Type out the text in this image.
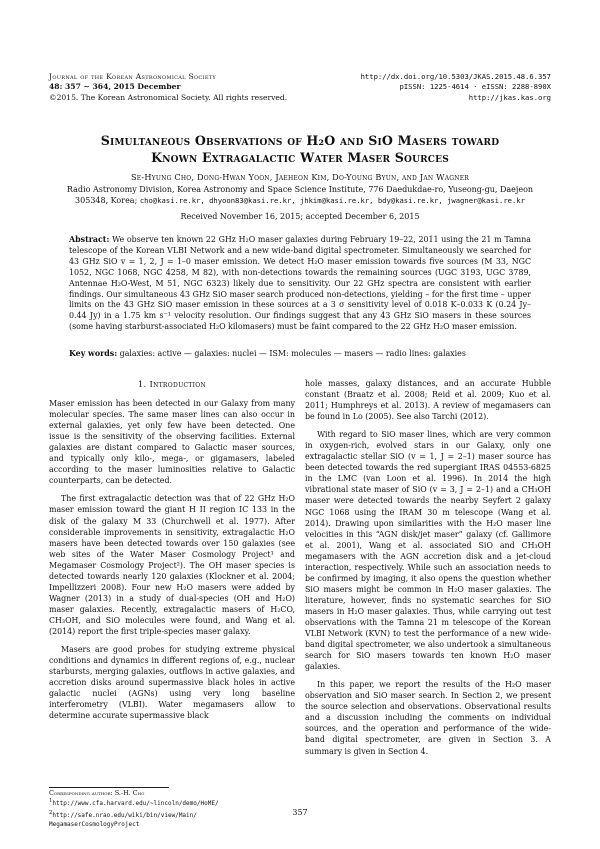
Journal of the Korean Astronomical Society
48: 357 ∼ 364, 2015 December
©2015. The Korean Astronomical Society. All rights reserved.
http://dx.doi.org/10.5303/JKAS.2015.48.6.357
pISSN: 1225-4614 · eISSN: 2288-890X
http://jkas.kas.org
Simultaneous Observations of H₂O and SiO Masers toward
Known Extragalactic Water Maser Sources
Se-Hyung Cho, Dong-Hwan Yoon, Jaeheon Kim, Do-Young Byun, and Jan Wagner
Radio Astronomy Division, Korea Astronomy and Space Science Institute, 776 Daedukdae-ro, Yuseong-gu, Daejeon
305348, Korea; cho@kasi.re.kr, dhyoon83@kasi.re.kr, jhkim@kasi.re.kr, bdy@kasi.re.kr, jwagner@kasi.re.kr
Received November 16, 2015; accepted December 6, 2015
Abstract: We observe ten known 22 GHz H₂O maser galaxies during February 19–22, 2011 using the 21 m Tamna telescope of the Korean VLBI Network and a new wide-band digital spectrometer. Simultaneously we searched for 43 GHz SiO v = 1, 2, J = 1–0 maser emission. We detect H₂O maser emission towards five sources (M 33, NGC 1052, NGC 1068, NGC 4258, M 82), with non-detections towards the remaining sources (UGC 3193, UGC 3789, Antennae H₂O-West, M 51, NGC 6323) likely due to sensitivity. Our 22 GHz spectra are consistent with earlier findings. Our simultaneous 43 GHz SiO maser search produced non-detections, yielding – for the first time – upper limits on the 43 GHz SiO maser emission in these sources at a 3 σ sensitivity level of 0.018 K–0.033 K (0.24 Jy–0.44 Jy) in a 1.75 km s⁻¹ velocity resolution. Our findings suggest that any 43 GHz SiO masers in these sources (some having starburst-associated H₂O kilomasers) must be faint compared to the 22 GHz H₂O maser emission.
Key words: galaxies: active — galaxies: nuclei — ISM: molecules — masers — radio lines: galaxies
1. Introduction

Maser emission has been detected in our Galaxy from many molecular species. The same maser lines can also occur in external galaxies, yet only few have been detected. One issue is the sensitivity of the observing facilities. External galaxies are distant compared to Galactic maser sources, and typically only kilo-, mega-, or gigamasers, labeled according to the maser luminosities relative to Galactic counterparts, can be detected.

The first extragalactic detection was that of 22 GHz H₂O maser emission toward the giant H II region IC 133 in the disk of the galaxy M 33 (Churchwell et al. 1977). After considerable improvements in sensitivity, extragalactic H₂O masers have been detected towards over 150 galaxies (see web sites of the Water Maser Cosmology Project¹ and Megamaser Cosmology Project²). The OH maser species is detected towards nearly 120 galaxies (Klockner et al. 2004; Impellizzeri 2008). Four new H₂O masers were added by Wagner (2013) in a study of dual-species (OH and H₂O) maser galaxies. Recently, extragalactic masers of H₂CO, CH₃OH, and SiO molecules were found, and Wang et al. (2014) report the first triple-species maser galaxy.

Masers are good probes for studying extreme physical conditions and dynamics in different regions of, e.g., nuclear starbursts, merging galaxies, outflows in active galaxies, and accretion disks around supermassive black holes in active galactic nuclei (AGNs) using very long baseline interferometry (VLBI). Water megamasers allow to determine accurate supermassive black

hole masses, galaxy distances, and an accurate Hubble constant (Braatz et al. 2008; Reid et al. 2009; Kuo et al. 2011; Humphreys et al. 2013). A review of megamasers can be found in Lo (2005). See also Tarchi (2012).

With regard to SiO maser lines, which are very common in oxygen-rich, evolved stars in our Galaxy, only one extragalactic stellar SiO (v = 1, J = 2–1) maser source has been detected towards the red supergiant IRAS 04553-6825 in the LMC (van Loon et al. 1996). In 2014 the high vibrational state maser of SiO (v = 3, J = 2–1) and a CH₃OH maser were detected towards the nearby Seyfert 2 galaxy NGC 1068 using the IRAM 30 m telescope (Wang et al. 2014). Drawing upon similarities with the H₂O maser line velocities in this “AGN disk/jet maser” galaxy (cf. Gallimore et al. 2001), Wang et al. associated SiO and CH₃OH megamasers with the AGN accretion disk and a jet-cloud interaction, respectively. While such an association needs to be confirmed by imaging, it also opens the question whether SiO masers might be common in H₂O maser galaxies. The literature, however, finds no systematic searches for SiO masers in H₂O maser galaxies. Thus, while carrying out test observations with the Tamna 21 m telescope of the Korean VLBI Network (KVN) to test the performance of a new wide-band digital spectrometer, we also undertook a simultaneous search for SiO masers towards ten known H₂O maser galaxies.

In this paper, we report the results of the H₂O maser observation and SiO maser search. In Section 2, we present the source selection and observations. Observational results and a discussion including the comments on individual sources, and the operation and performance of the wide-band digital spectrometer, are given in Section 3. A summary is given in Section 4.

Corresponding author: S.-H. Cho
$^1$http://www.cfa.harvard.edu/~lincoln/demo/HoME/
$^2$http://safe.nrao.edu/wiki/bin/view/Main/
MegamaserCosmologyProject
357
